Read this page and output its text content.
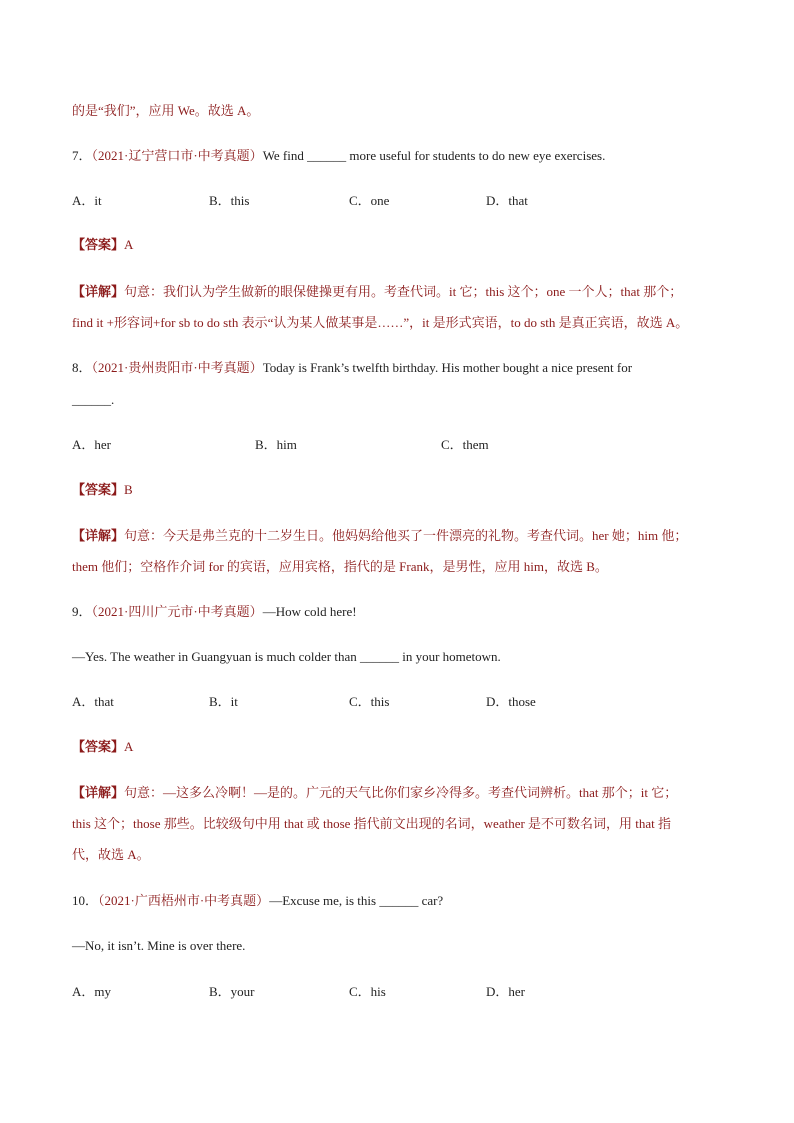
的是“我们”，应用 We。故选 A。
7．（2021·辽宁营口市·中考真题）We find ______ more useful for students to do new eye exercises.
A．it	B．this	C．one	D．that
【答案】A
【详解】句意：我们认为学生做新的眼保健操更有用。考查代词。it 它；this 这个；one 一个人；that 那个；
find it +形容词+for sb to do sth 表示“认为某人做某事是……”，it 是形式宾语，to do sth 是真正宾语，故选 A。
8．（2021·贵州贵阳市·中考真题）Today is Frank’s twelfth birthday. His mother bought a nice present for
______.
A．her	B．him	C．them
【答案】B
【详解】句意：今天是弗兰克的十二岁生日。他妈妈给他买了一件漂亮的礼物。考查代词。her 她；him 他；
them 他们；空格作介词 for 的宾语，应用宾格，指代的是 Frank，是男性，应用 him，故选 B。
9．（2021·四川广元市·中考真题）—How cold here!
—Yes. The weather in Guangyuan is much colder than ______ in your hometown.
A．that	B．it	C．this	D．those
【答案】A
【详解】句意：—这多么冷啊！—是的。广元的天气比你们家乡冷得多。考查代词辨析。that 那个；it 它；
this 这个；those 那些。比较级句中用 that 或 those 指代前文出现的名词，weather 是不可数名词，用 that 指
代，故选 A。
10．（2021·广西梧州市·中考真题）—Excuse me, is this ______ car?
—No, it isn’t. Mine is over there.
A．my	B．your	C．his	D．her
